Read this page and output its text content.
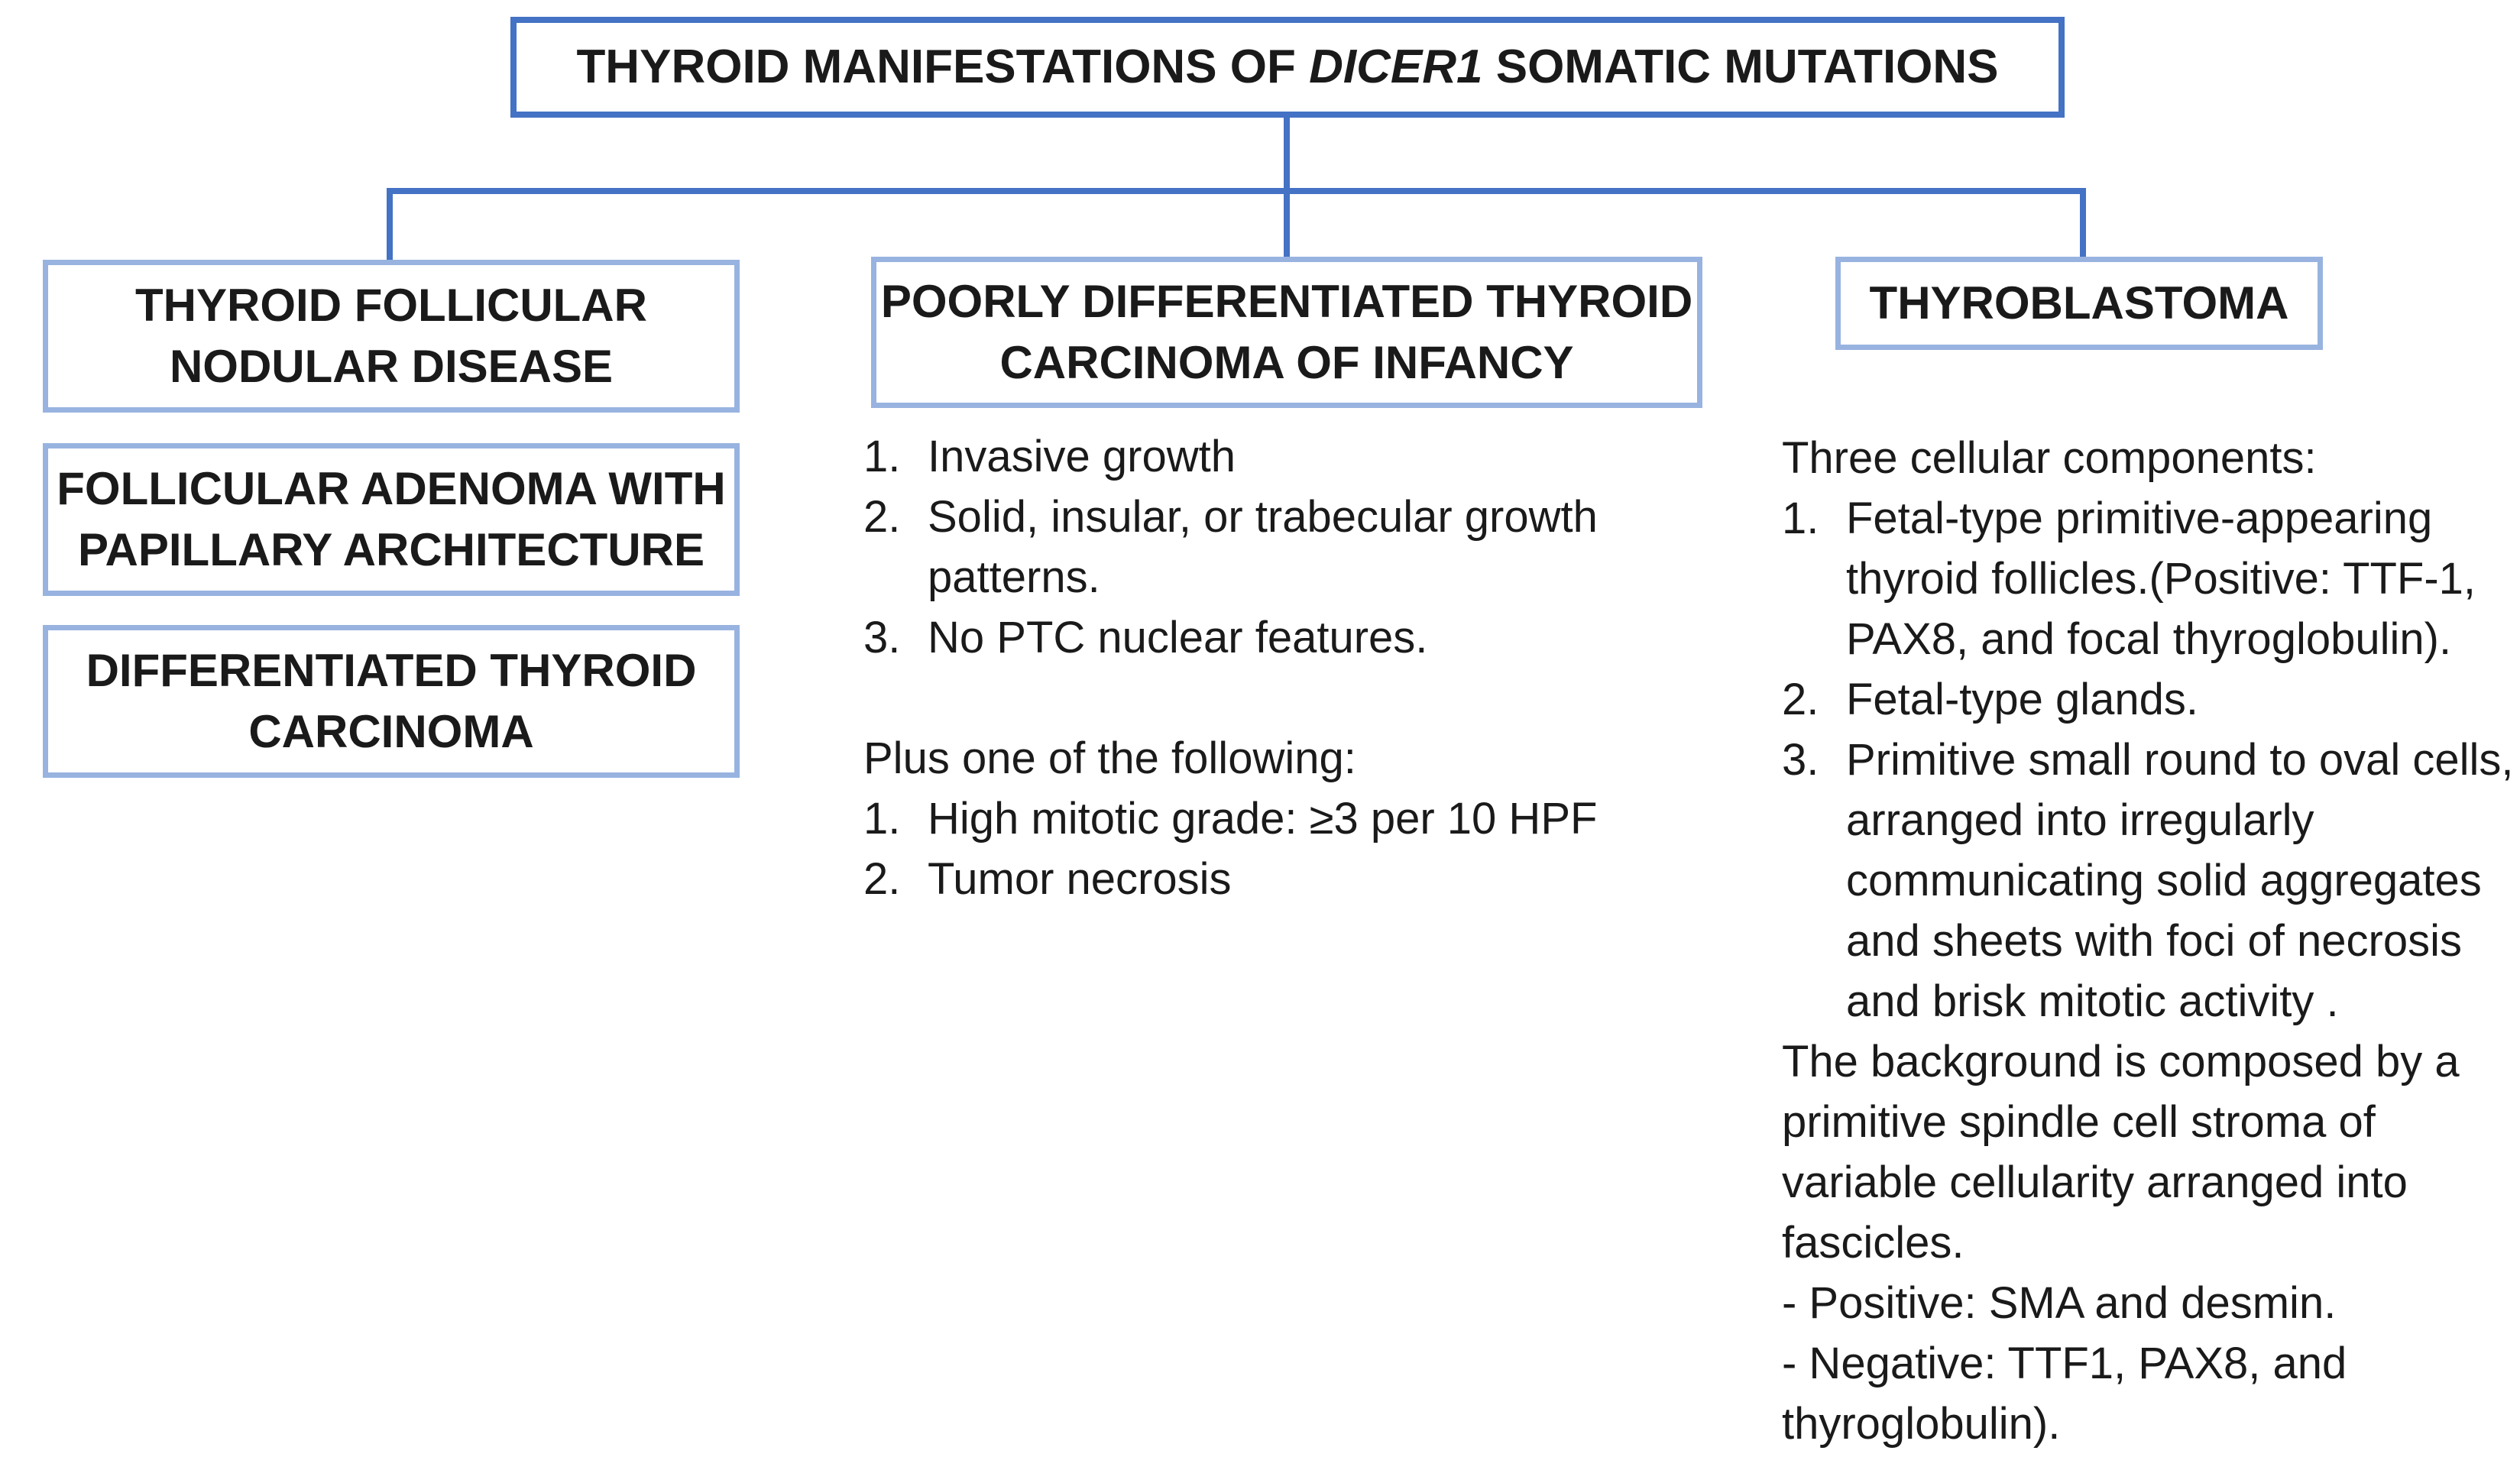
THYROID MANIFESTATIONS OF DICER1 SOMATIC MUTATIONS
THYROID FOLLICULAR
NODULAR DISEASE
FOLLICULAR ADENOMA WITH
PAPILLARY ARCHITECTURE
DIFFERENTIATED THYROID
CARCINOMA
POORLY DIFFERENTIATED THYROID
CARCINOMA OF INFANCY
THYROBLASTOMA
1. Invasive growth
2. Solid, insular, or trabecular growth patterns.
3. No PTC nuclear features.

Plus one of the following:

1. High mitotic grade: ≥3 per 10 HPF
2. Tumor necrosis

Three cellular components:

1. Fetal-type primitive-appearing thyroid follicles.(Positive: TTF-1, PAX8, and focal thyroglobulin).
2. Fetal-type glands.
3. Primitive small round to oval cells, arranged into irregularly communicating solid aggregates and sheets with foci of necrosis and brisk mitotic activity .

The background is composed by a primitive spindle cell stroma of variable cellularity arranged into fascicles.

- Positive: SMA and desmin.

- Negative: TTF1, PAX8, and thyroglobulin).
